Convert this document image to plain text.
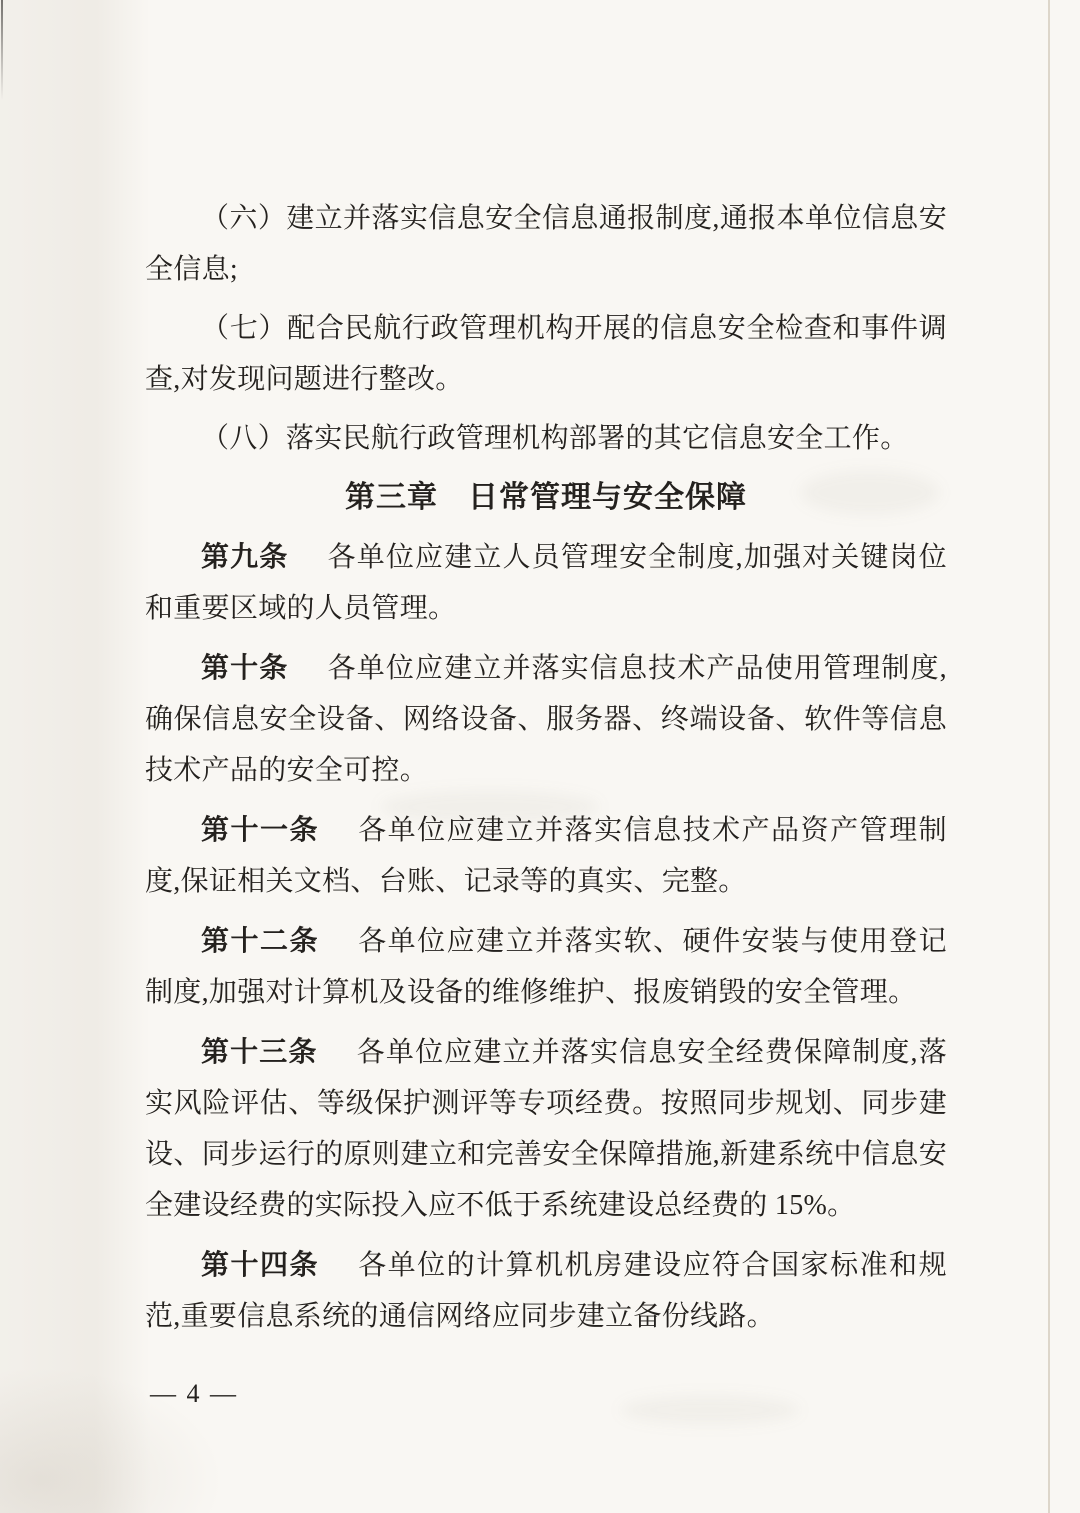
（六）建立并落实信息安全信息通报制度,通报本单位信息安全信息;

（七）配合民航行政管理机构开展的信息安全检查和事件调查,对发现问题进行整改。

（八）落实民航行政管理机构部署的其它信息安全工作。

第三章 日常管理与安全保障

第九条 各单位应建立人员管理安全制度,加强对关键岗位和重要区域的人员管理。

第十条 各单位应建立并落实信息技术产品使用管理制度,确保信息安全设备、网络设备、服务器、终端设备、软件等信息技术产品的安全可控。

第十一条 各单位应建立并落实信息技术产品资产管理制度,保证相关文档、台账、记录等的真实、完整。

第十二条 各单位应建立并落实软、硬件安装与使用登记制度,加强对计算机及设备的维修维护、报废销毁的安全管理。

第十三条 各单位应建立并落实信息安全经费保障制度,落实风险评估、等级保护测评等专项经费。按照同步规划、同步建设、同步运行的原则建立和完善安全保障措施,新建系统中信息安全建设经费的实际投入应不低于系统建设总经费的 15%。

第十四条 各单位的计算机机房建设应符合国家标准和规范,重要信息系统的通信网络应同步建立备份线路。

— 4 —
